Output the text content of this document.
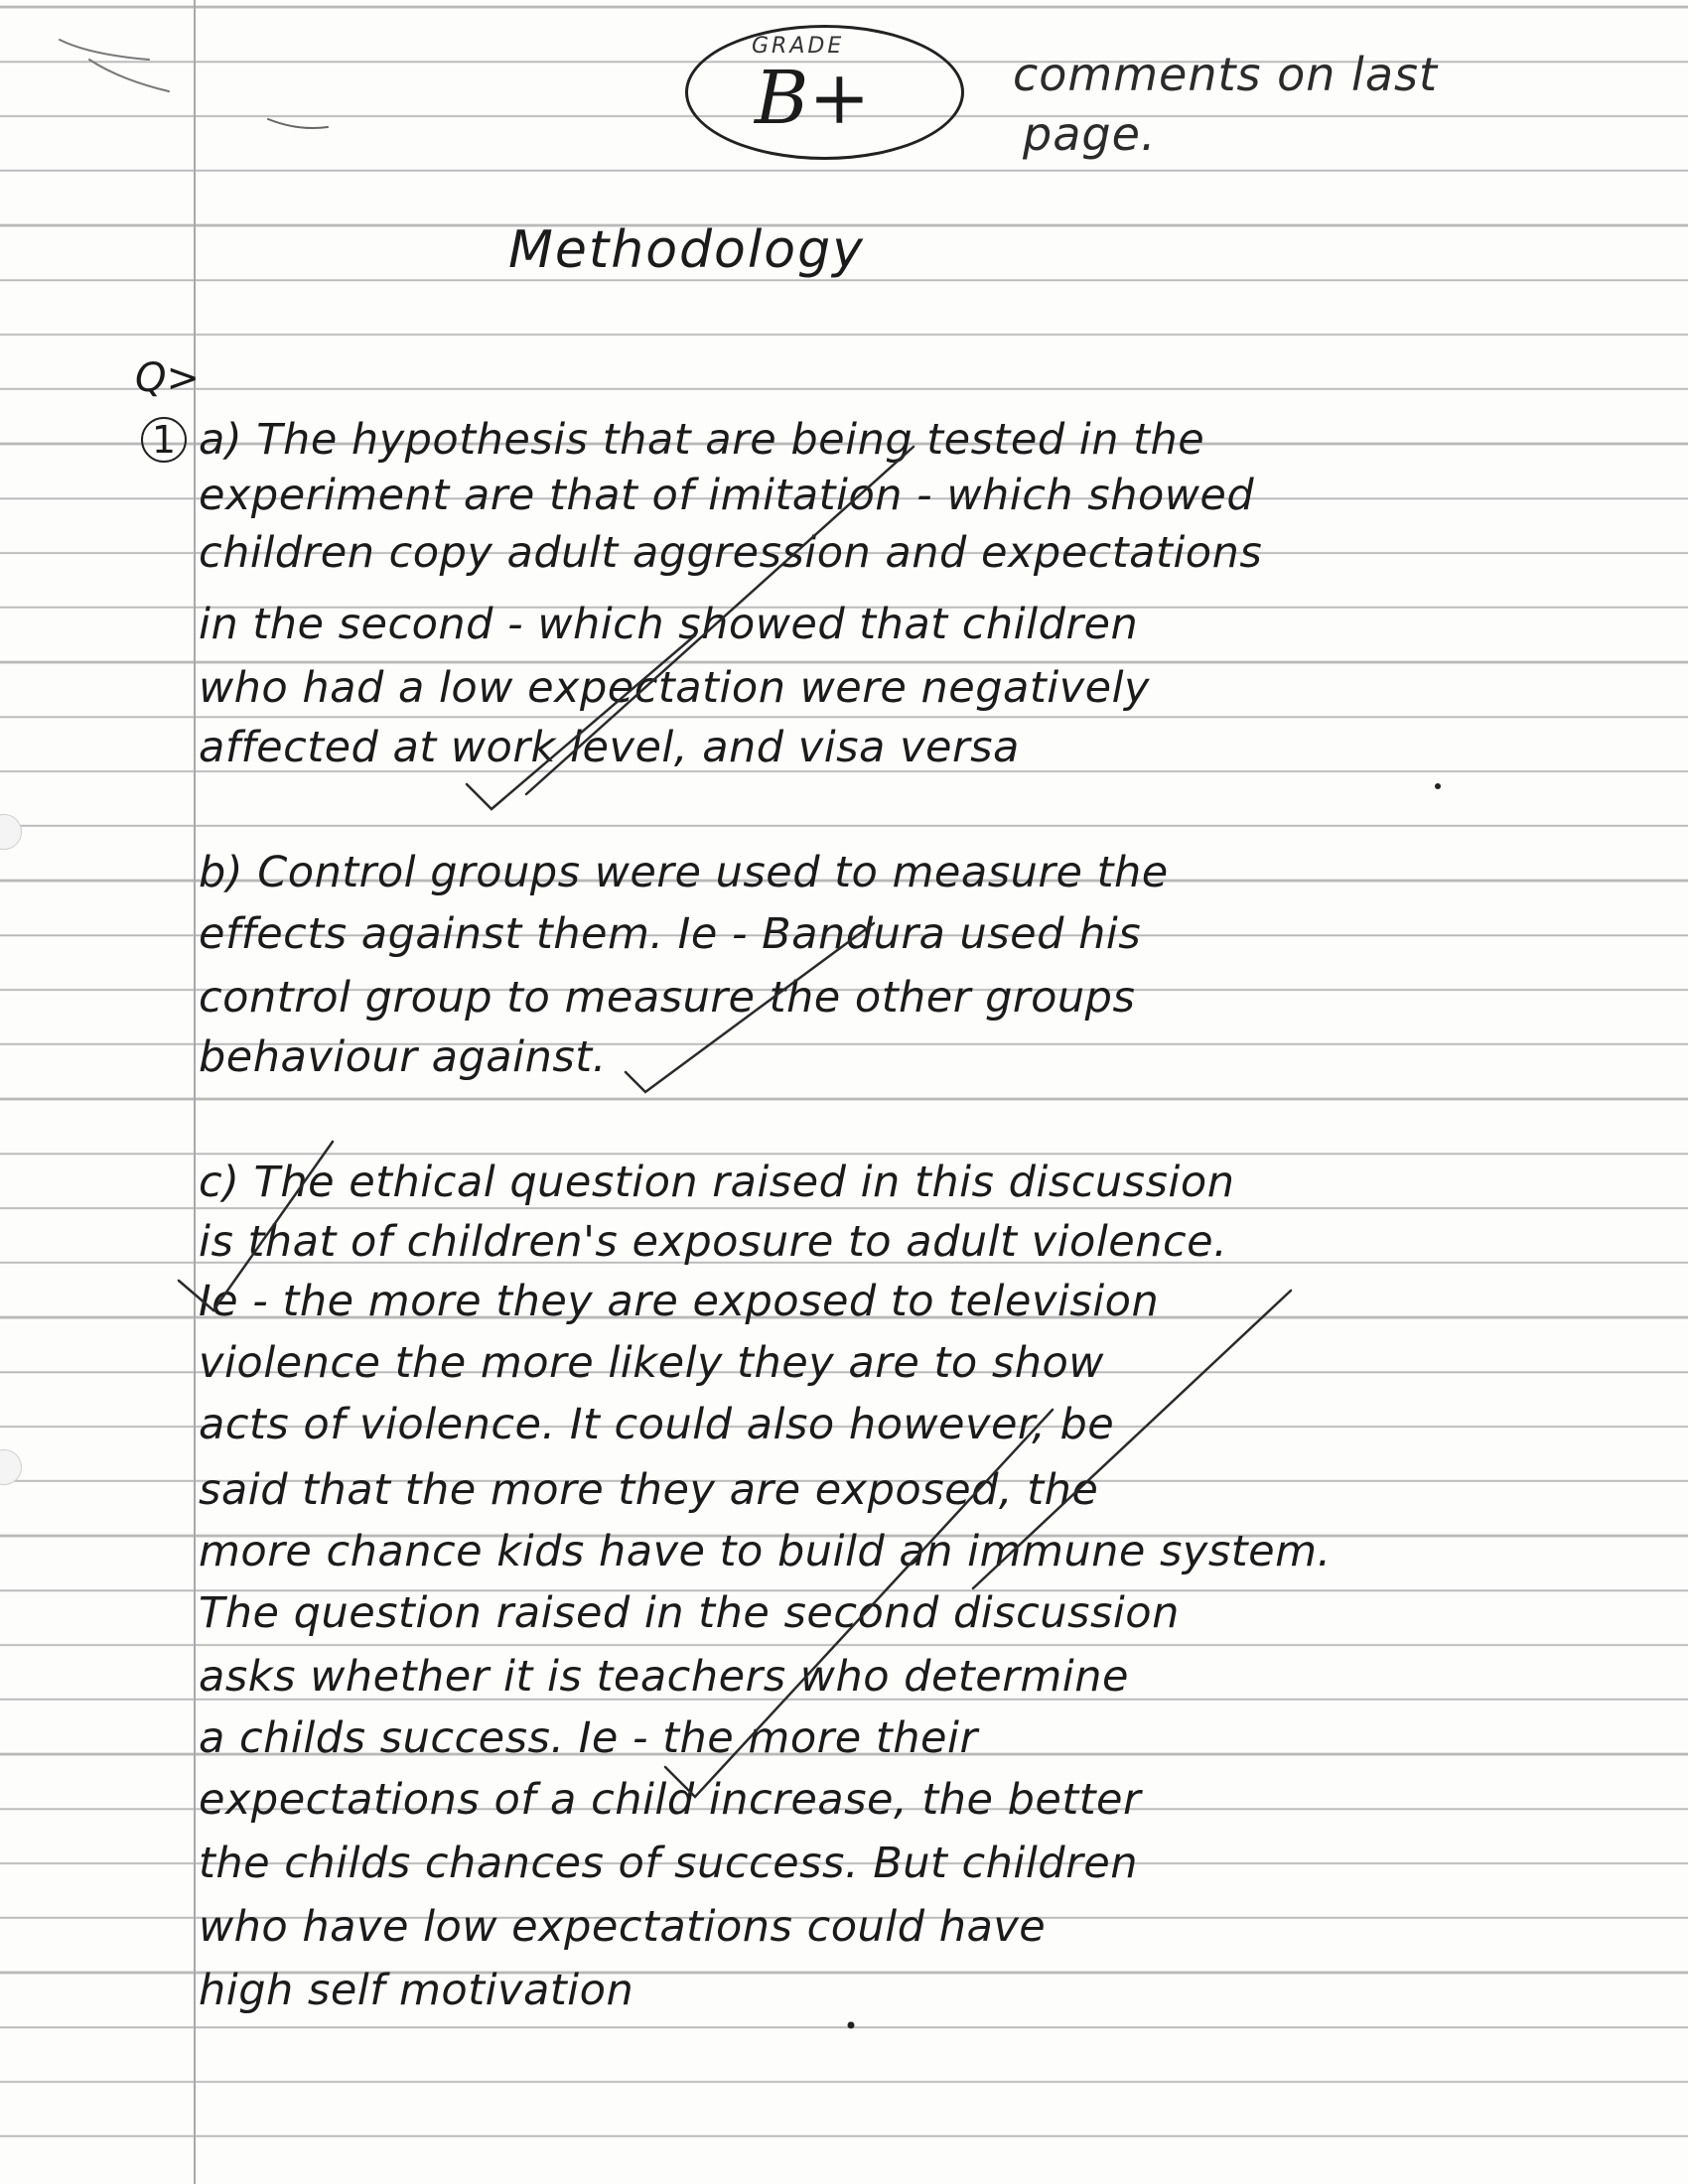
GRADE
B+	comments on last
page.
Methodology
Q>
1 a) The hypothesis that are being tested in the
experiment are that of imitation - which showed
children copy adult aggression and expectations
in the second - which showed that children
who had a low expectation were negatively
affected at work level, and visa versa
b) Control groups were used to measure the
effects against them. Ie - Bandura used his
control group to measure the other groups
behaviour against.
c) The ethical question raised in this discussion
is that of children's exposure to adult violence.
Ie - the more they are exposed to television
violence the more likely they are to show
acts of violence. It could also however, be
said that the more they are exposed, the
more chance kids have to build an immune system.
The question raised in the second discussion
asks whether it is teachers who determine
a childs success. Ie - the more their
expectations of a child increase, the better
the childs chances of success. But children
who have low expectations could have
high self motivation
